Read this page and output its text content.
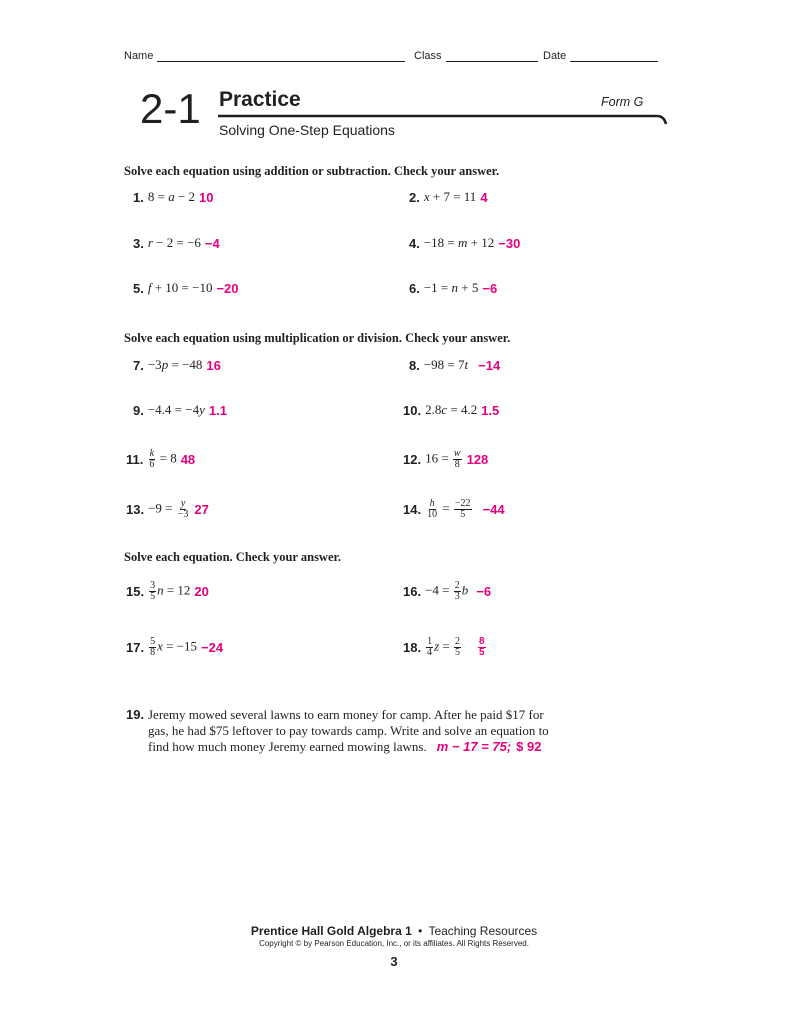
Name	Class	Date
2-1 Practice	Form G
Solving One-Step Equations
Solve each equation using addition or subtraction. Check your answer.
1. 8 = a − 2 10	2. x + 7 = 11 4
3. r − 2 = −6 −4	4. −18 = m + 12 −30
5. f + 10 = −10 −20	6. −1 = n + 5 −6
Solve each equation using multiplication or division. Check your answer.
7. −3p = −48 16	8. −98 = 7t −14
9. −4.4 = −4y 1.1	10. 2.8c = 4.2 1.5
11. $\frac{k}{6} = 8$ 48	12. $16 = \frac{w}{8} 128$
13. $-9 = \frac{y}{-3} 27$	14. $\frac{h}{10} = \frac{-22}{5} -44$
Solve each equation. Check your answer.
15. $\frac{3}{5}$ n = 12 20	16. $-4 = \frac{2}{3}$ b −6
17. $\frac{5}{8}$ x = −15 −24	18. $\frac{1}{4}$ $z = \frac{2}{5} \frac{8}{5}$
19. Jeremy mowed several lawns to earn money for camp. After he paid $17 for
gas, he had $75 leftover to pay towards camp. Write and solve an equation to
find how much money Jeremy earned mowing lawns. m − 17 = 75; $ 92
Prentice Hall Gold Algebra 1 • Teaching Resources
Copyright © by Pearson Education, Inc., or its affiliates. All Rights Reserved.
3
